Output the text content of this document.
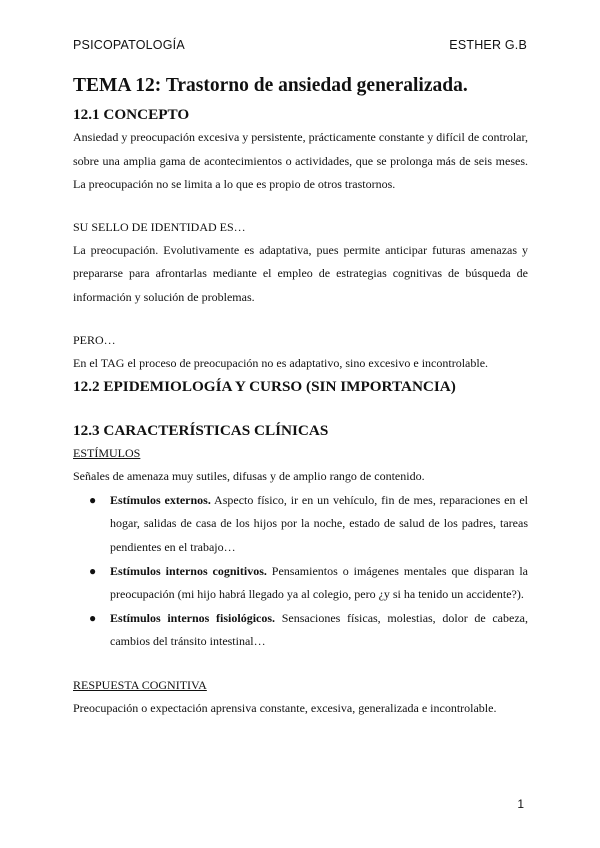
PSICOPATOLOGÍA	ESTHER G.B
TEMA 12: Trastorno de ansiedad generalizada.
12.1 CONCEPTO

Ansiedad y preocupación excesiva y persistente, prácticamente constante y difícil de controlar, sobre una amplia gama de acontecimientos o actividades, que se prolonga más de seis meses. La preocupación no se limita a lo que es propio de otros trastornos.

SU SELLO DE IDENTIDAD ES…

La preocupación. Evolutivamente es adaptativa, pues permite anticipar futuras amenazas y prepararse para afrontarlas mediante el empleo de estrategias cognitivas de búsqueda de información y solución de problemas.

PERO…

En el TAG el proceso de preocupación no es adaptativo, sino excesivo e incontrolable.

12.2 EPIDEMIOLOGÍA Y CURSO (SIN IMPORTANCIA)
12.3 CARACTERÍSTICAS CLÍNICAS
ESTÍMULOS

Señales de amenaza muy sutiles, difusas y de amplio rango de contenido.

● Estímulos externos. Aspecto físico, ir en un vehículo, fin de mes, reparaciones en el hogar, salidas de casa de los hijos por la noche, estado de salud de los padres, tareas pendientes en el trabajo…
● Estímulos internos cognitivos. Pensamientos o imágenes mentales que disparan la preocupación (mi hijo habrá llegado ya al colegio, pero ¿y si ha tenido un accidente?).
● Estímulos internos fisiológicos. Sensaciones físicas, molestias, dolor de cabeza, cambios del tránsito intestinal…
RESPUESTA COGNITIVA

Preocupación o expectación aprensiva constante, excesiva, generalizada e incontrolable.

1
